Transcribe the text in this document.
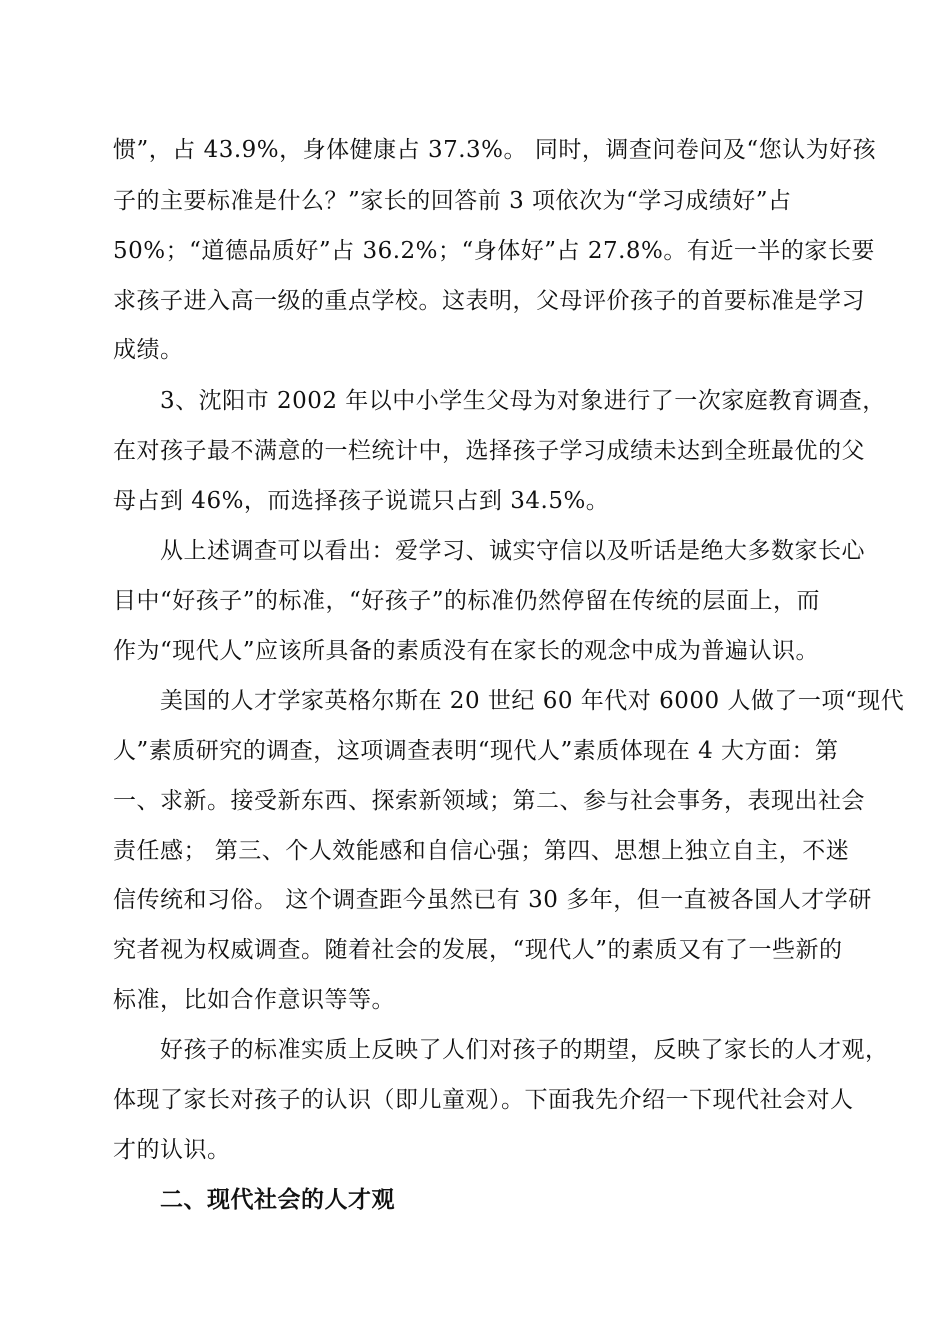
惯”，占 43.9%，身体健康占 37.3%。 同时，调查问卷问及“您认为好孩
子的主要标准是什么？”家长的回答前 3 项依次为“学习成绩好”占
50%；“道德品质好”占 36.2%；“身体好”占 27.8%。有近一半的家长要
求孩子进入高一级的重点学校。这表明，父母评价孩子的首要标准是学习
成绩。
3、沈阳市 2002 年以中小学生父母为对象进行了一次家庭教育调查，
在对孩子最不满意的一栏统计中，选择孩子学习成绩未达到全班最优的父
母占到 46%，而选择孩子说谎只占到 34.5%。
从上述调查可以看出：爱学习、诚实守信以及听话是绝大多数家长心
目中“好孩子”的标准，“好孩子”的标准仍然停留在传统的层面上，而
作为“现代人”应该所具备的素质没有在家长的观念中成为普遍认识。
美国的人才学家英格尔斯在 20 世纪 60 年代对 6000 人做了一项“现代
人”素质研究的调查，这项调查表明“现代人”素质体现在 4 大方面：第
一、求新。接受新东西、探索新领域；第二、参与社会事务，表现出社会
责任感； 第三、个人效能感和自信心强；第四、思想上独立自主，不迷
信传统和习俗。 这个调查距今虽然已有 30 多年，但一直被各国人才学研
究者视为权威调查。随着社会的发展，“现代人”的素质又有了一些新的
标准，比如合作意识等等。
好孩子的标准实质上反映了人们对孩子的期望，反映了家长的人才观，
体现了家长对孩子的认识（即儿童观）。下面我先介绍一下现代社会对人
才的认识。
二、现代社会的人才观
